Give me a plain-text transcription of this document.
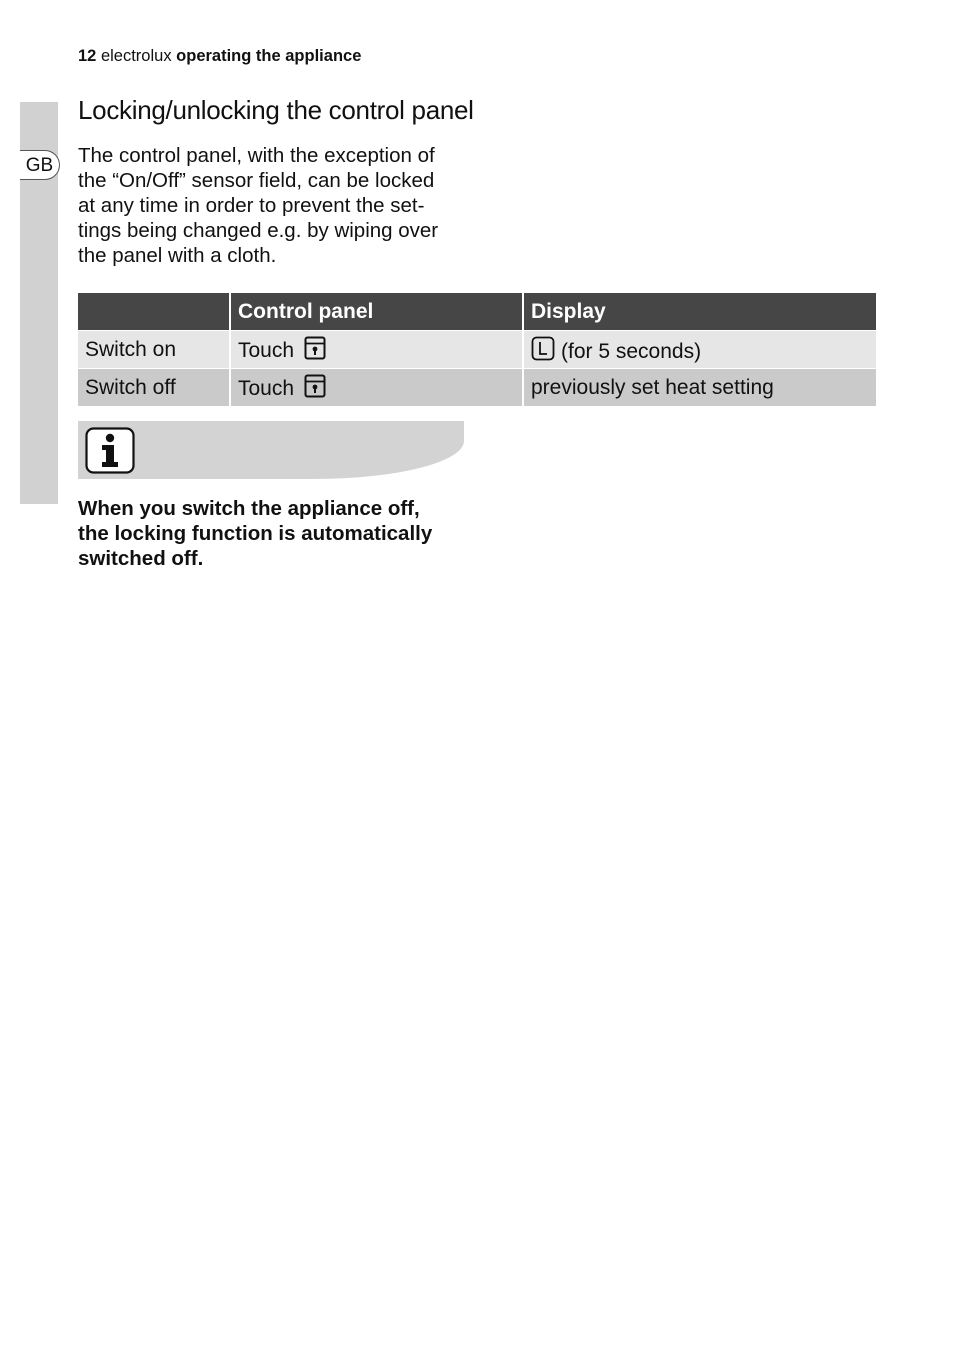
GB
12 electrolux operating the appliance
Locking/unlocking the control panel

The control panel, with the exception of
the “On/Off” sensor field, can be locked
at any time in order to prevent the set-
tings being changed e.g. by wiping over
the panel with a cloth.

	Control panel	Display
Switch on	Touch	(for 5 seconds)
Switch off	Touch	previously set heat setting

When you switch the appliance off,
the locking function is automatically
switched off.
